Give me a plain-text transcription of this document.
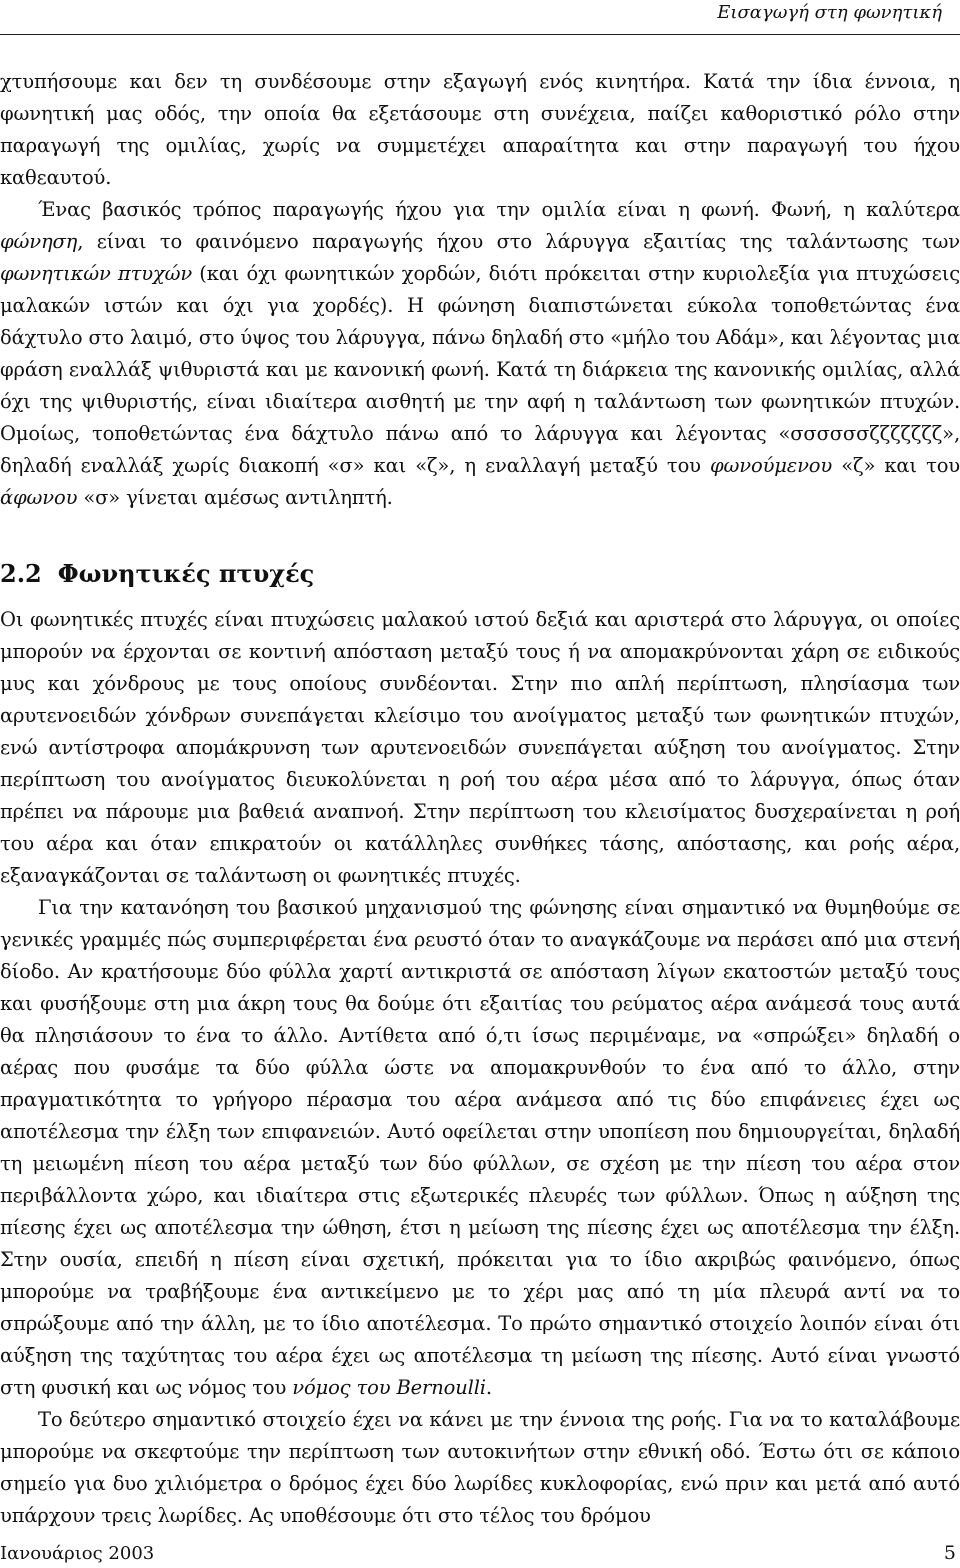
Εισαγωγή στη φωνητική

χτυπήσουμε και δεν τη συνδέσουμε στην εξαγωγή ενός κινητήρα. Κατά την ίδια έννοια, η φωνητική μας οδός, την οποία θα εξετάσουμε στη συνέχεια, παίζει καθοριστικό ρόλο στην παραγωγή της ομιλίας, χωρίς να συμμετέχει απαραίτητα και στην παραγωγή του ήχου καθεαυτού.

Ένας βασικός τρόπος παραγωγής ήχου για την ομιλία είναι η φωνή. Φωνή, η καλύτερα φώνηση, είναι το φαινόμενο παραγωγής ήχου στο λάρυγγα εξαιτίας της ταλάντωσης των φωνητικών πτυχών (και όχι φωνητικών χορδών, διότι πρόκειται στην κυριολεξία για πτυχώσεις μαλακών ιστών και όχι για χορδές). Η φώνηση διαπιστώνεται εύκολα τοποθετώντας ένα δάχτυλο στο λαιμό, στο ύψος του λάρυγγα, πάνω δηλαδή στο «μήλο του Αδάμ», και λέγοντας μια φράση εναλλάξ ψιθυριστά και με κανονική φωνή. Κατά τη διάρκεια της κανονικής ομιλίας, αλλά όχι της ψιθυριστής, είναι ιδιαίτερα αισθητή με την αφή η ταλάντωση των φωνητικών πτυχών. Ομοίως, τοποθετώντας ένα δάχτυλο πάνω από το λάρυγγα και λέγοντας «σσσσσσζζζζζζζ», δηλαδή εναλλάξ χωρίς διακοπή «σ» και «ζ», η εναλλαγή μεταξύ του φωνούμενου «ζ» και του άφωνου «σ» γίνεται αμέσως αντιληπτή.

2.2 Φωνητικές πτυχές

Οι φωνητικές πτυχές είναι πτυχώσεις μαλακού ιστού δεξιά και αριστερά στο λάρυγγα, οι οποίες μπορούν να έρχονται σε κοντινή απόσταση μεταξύ τους ή να απομακρύνονται χάρη σε ειδικούς μυς και χόνδρους με τους οποίους συνδέονται. Στην πιο απλή περίπτωση, πλησίασμα των αρυτενοειδών χόνδρων συνεπάγεται κλείσιμο του ανοίγματος μεταξύ των φωνητικών πτυχών, ενώ αντίστροφα απομάκρυνση των αρυτενοειδών συνεπάγεται αύξηση του ανοίγματος. Στην περίπτωση του ανοίγματος διευκολύνεται η ροή του αέρα μέσα από το λάρυγγα, όπως όταν πρέπει να πάρουμε μια βαθειά αναπνοή. Στην περίπτωση του κλεισίματος δυσχεραίνεται η ροή του αέρα και όταν επικρατούν οι κατάλληλες συνθήκες τάσης, απόστασης, και ροής αέρα, εξαναγκάζονται σε ταλάντωση οι φωνητικές πτυχές.

Για την κατανόηση του βασικού μηχανισμού της φώνησης είναι σημαντικό να θυμηθούμε σε γενικές γραμμές πώς συμπεριφέρεται ένα ρευστό όταν το αναγκάζουμε να περάσει από μια στενή δίοδο. Αν κρατήσουμε δύο φύλλα χαρτί αντικριστά σε απόσταση λίγων εκατοστών μεταξύ τους και φυσήξουμε στη μια άκρη τους θα δούμε ότι εξαιτίας του ρεύματος αέρα ανάμεσά τους αυτά θα πλησιάσουν το ένα το άλλο. Αντίθετα από ό,τι ίσως περιμέναμε, να «σπρώξει» δηλαδή ο αέρας που φυσάμε τα δύο φύλλα ώστε να απομακρυνθούν το ένα από το άλλο, στην πραγματικότητα το γρήγορο πέρασμα του αέρα ανάμεσα από τις δύο επιφάνειες έχει ως αποτέλεσμα την έλξη των επιφανειών. Αυτό οφείλεται στην υποπίεση που δημιουργείται, δηλαδή τη μειωμένη πίεση του αέρα μεταξύ των δύο φύλλων, σε σχέση με την πίεση του αέρα στον περιβάλλοντα χώρο, και ιδιαίτερα στις εξωτερικές πλευρές των φύλλων. Όπως η αύξηση της πίεσης έχει ως αποτέλεσμα την ώθηση, έτσι η μείωση της πίεσης έχει ως αποτέλεσμα την έλξη. Στην ουσία, επειδή η πίεση είναι σχετική, πρόκειται για το ίδιο ακριβώς φαινόμενο, όπως μπορούμε να τραβήξουμε ένα αντικείμενο με το χέρι μας από τη μία πλευρά αντί να το σπρώξουμε από την άλλη, με το ίδιο αποτέλεσμα. Το πρώτο σημαντικό στοιχείο λοιπόν είναι ότι αύξηση της ταχύτητας του αέρα έχει ως αποτέλεσμα τη μείωση της πίεσης. Αυτό είναι γνωστό στη φυσική και ως νόμος του νόμος του Bernoulli.

Το δεύτερο σημαντικό στοιχείο έχει να κάνει με την έννοια της ροής. Για να το καταλάβουμε μπορούμε να σκεφτούμε την περίπτωση των αυτοκινήτων στην εθνική οδό. Έστω ότι σε κάποιο σημείο για δυο χιλιόμετρα ο δρόμος έχει δύο λωρίδες κυκλοφορίας, ενώ πριν και μετά από αυτό υπάρχουν τρεις λωρίδες. Ας υποθέσουμε ότι στο τέλος του δρόμου

Ιανουάριος 2003	5
